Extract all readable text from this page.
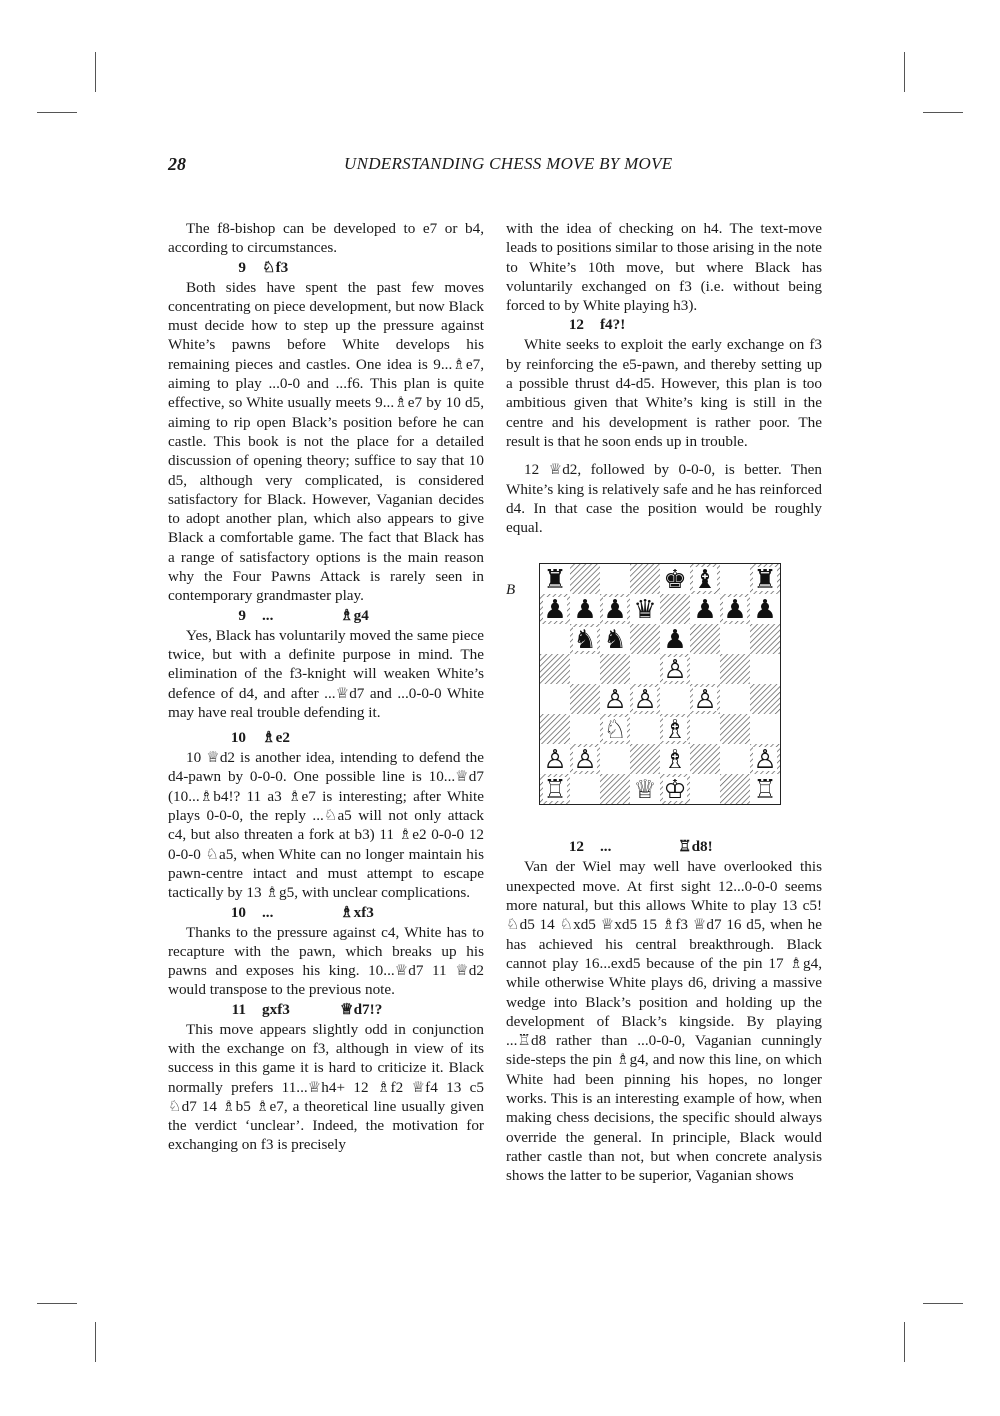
28	UNDERSTANDING CHESS MOVE BY MOVE

The f8-bishop can be developed to e7 or b4, according to circumstances.

9 ♘f3

Both sides have spent the past few moves concentrating on piece development, but now Black must decide how to step up the pressure against White’s pawns before White develops his remaining pieces and castles. One idea is 9...♗e7, aiming to play ...0-0 and ...f6. This plan is quite effective, so White usually meets 9...♗e7 by 10 d5, aiming to rip open Black’s position before he can castle. This book is not the place for a detailed discussion of opening theory; suffice to say that 10 d5, although very complicated, is considered satisfactory for Black. However, Vaganian decides to adopt another plan, which also appears to give Black a comfortable game. The fact that Black has a range of satisfactory options is the main reason why the Four Pawns Attack is rarely seen in contemporary grandmaster play.

9 ...	♗g4

Yes, Black has voluntarily moved the same piece twice, but with a definite purpose in mind. The elimination of the f3-knight will weaken White’s defence of d4, and after ...♕d7 and ...0-0-0 White may have real trouble defending it.

10 ♗e2

10 ♕d2 is another idea, intending to defend the d4-pawn by 0-0-0. One possible line is 10...♕d7 (10...♗b4!? 11 a3 ♗e7 is interesting; after White plays 0-0-0, the reply ...♘a5 will not only attack c4, but also threaten a fork at b3) 11 ♗e2 0-0-0 12 0-0-0 ♘a5, when White can no longer maintain his pawn-centre intact and must attempt to escape tactically by 13 ♗g5, with unclear complications.

10 ...	♗xf3

Thanks to the pressure against c4, White has to recapture with the pawn, which breaks up his pawns and exposes his king. 10...♕d7 11 ♕d2 would transpose to the previous note.

11 gxf3	♕d7!?

This move appears slightly odd in conjunction with the exchange on f3, although in view of its success in this game it is hard to criticize it. Black normally prefers 11...♕h4+ 12 ♗f2 ♕f4 13 c5 ♘d7 14 ♗b5 ♗e7, a theoretical line usually given the verdict ‘unclear’. Indeed, the motivation for exchanging on f3 is precisely

with the idea of checking on h4. The text-move leads to positions similar to those arising in the note to White’s 10th move, but where Black has voluntarily exchanged on f3 (i.e. without being forced to by White playing h3).

12 f4?!

White seeks to exploit the early exchange on f3 by reinforcing the e5-pawn, and thereby setting up a possible thrust d4-d5. However, this plan is too ambitious given that White’s king is still in the centre and his development is rather poor. The result is that he soon ends up in trouble.

12 ♕d2, followed by 0-0-0, is better. Then White’s king is relatively safe and he has reinforced d4. In that case the position would be roughly equal.

B ♜	♚ ♝ ♜
♟ ♟ ♟ ♛ ♟ ♟ ♟
♞ ♞ ♟
♙
♙ ♙ ♙
♘ ♗
♙ ♙	♗	♙
♖	♕ ♔	♖
12 ...	♖d8!

Van der Wiel may well have overlooked this unexpected move. At first sight 12...0-0-0 seems more natural, but this allows White to play 13 c5! ♘d5 14 ♘xd5 ♕xd5 15 ♗f3 ♕d7 16 d5, when he has achieved his central breakthrough. Black cannot play 16...exd5 because of the pin 17 ♗g4, while otherwise White plays d6, driving a massive wedge into Black’s position and holding up the development of Black’s kingside. By playing ...♖d8 rather than ...0-0-0, Vaganian cunningly side-steps the pin ♗g4, and now this line, on which White had been pinning his hopes, no longer works. This is an interesting example of how, when making chess decisions, the specific should always override the general. In principle, Black would rather castle than not, but when concrete analysis shows the latter to be superior, Vaganian shows
